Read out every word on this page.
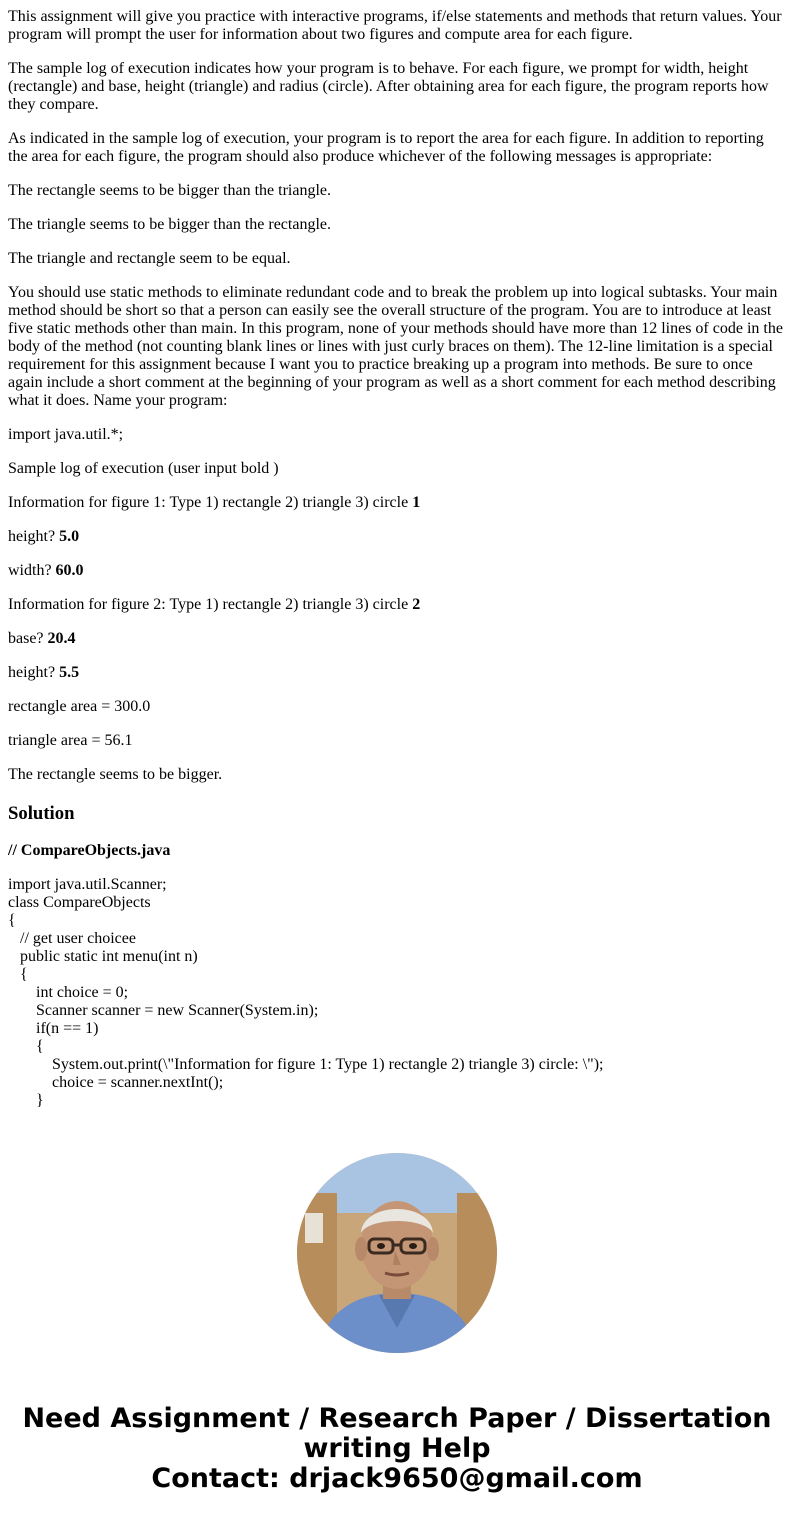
This assignment will give you practice with interactive programs, if/else statements and methods that return values. Your program will prompt the user for information about two figures and compute area for each figure.

The sample log of execution indicates how your program is to behave. For each figure, we prompt for width, height (rectangle) and base, height (triangle) and radius (circle). After obtaining area for each figure, the program reports how they compare.

As indicated in the sample log of execution, your program is to report the area for each figure. In addition to reporting the area for each figure, the program should also produce whichever of the following messages is appropriate:

The rectangle seems to be bigger than the triangle.

The triangle seems to be bigger than the rectangle.

The triangle and rectangle seem to be equal.

You should use static methods to eliminate redundant code and to break the problem up into logical subtasks. Your main method should be short so that a person can easily see the overall structure of the program. You are to introduce at least five static methods other than main. In this program, none of your methods should have more than 12 lines of code in the body of the method (not counting blank lines or lines with just curly braces on them). The 12-line limitation is a special requirement for this assignment because I want you to practice breaking up a program into methods. Be sure to once again include a short comment at the beginning of your program as well as a short comment for each method describing what it does. Name your program:

import java.util.*;

Sample log of execution (user input bold )

Information for figure 1: Type 1) rectangle 2) triangle 3) circle 1

height? 5.0

width? 60.0

Information for figure 2: Type 1) rectangle 2) triangle 3) circle 2

base? 20.4

height? 5.5

rectangle area = 300.0

triangle area = 56.1

The rectangle seems to be bigger.

Solution

// CompareObjects.java

import java.util.Scanner;
class CompareObjects
{
// get user choicee
public static int menu(int n)
{
int choice = 0;
Scanner scanner = new Scanner(System.in);
if(n == 1)
{
System.out.print(\"Information for figure 1: Type 1) rectangle 2) triangle 3) circle: \");
choice = scanner.nextInt();
}
Need Assignment / Research Paper / Dissertation
writing Help
Contact: drjack9650@gmail.com
